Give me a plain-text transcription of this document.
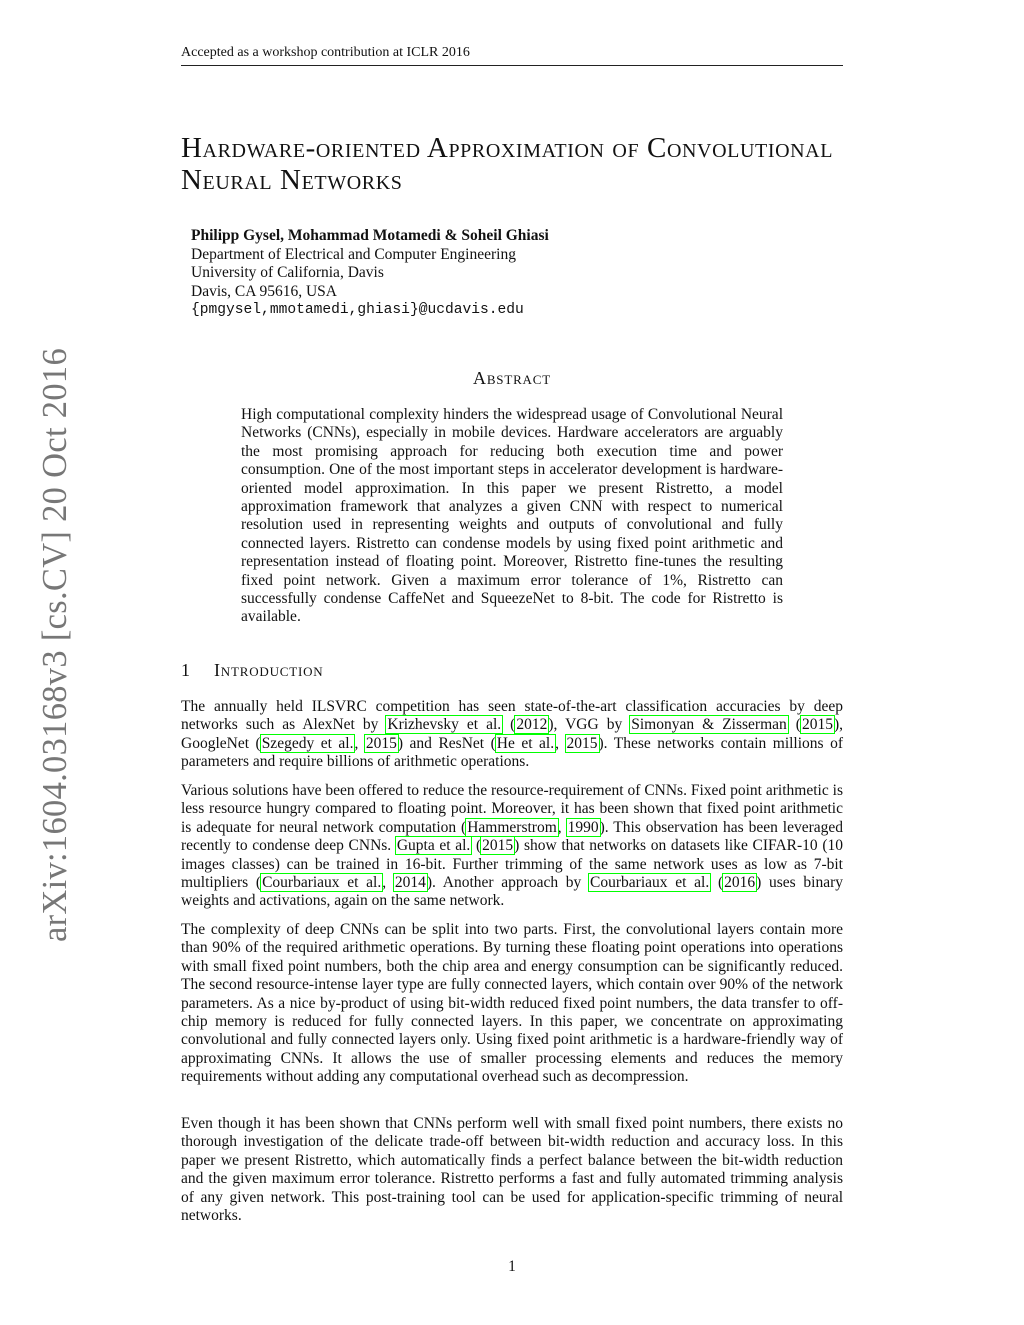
Accepted as a workshop contribution at ICLR 2016
arXiv:1604.03168v3 [cs.CV] 20 Oct 2016
Hardware-oriented Approximation of Convolutional Neural Networks
Philipp Gysel, Mohammad Motamedi & Soheil Ghiasi
Department of Electrical and Computer Engineering
University of California, Davis
Davis, CA 95616, USA
{pmgysel,mmotamedi,ghiasi}@ucdavis.edu
Abstract
High computational complexity hinders the widespread usage of Convolutional Neural Networks (CNNs), especially in mobile devices. Hardware accelerators are arguably the most promising approach for reducing both execution time and power consumption. One of the most important steps in accelerator development is hardware-oriented model approximation. In this paper we present Ristretto, a model approximation framework that analyzes a given CNN with respect to numerical resolution used in representing weights and outputs of convolutional and fully connected layers. Ristretto can condense models by using fixed point arithmetic and representation instead of floating point. Moreover, Ristretto fine-tunes the resulting fixed point network. Given a maximum error tolerance of 1%, Ristretto can successfully condense CaffeNet and SqueezeNet to 8-bit. The code for Ristretto is available.
1 Introduction

The annually held ILSVRC competition has seen state-of-the-art classification accuracies by deep networks such as AlexNet by Krizhevsky et al. (2012), VGG by Simonyan & Zisserman (2015), GoogleNet (Szegedy et al., 2015) and ResNet (He et al., 2015). These networks contain millions of parameters and require billions of arithmetic operations.

Various solutions have been offered to reduce the resource-requirement of CNNs. Fixed point arithmetic is less resource hungry compared to floating point. Moreover, it has been shown that fixed point arithmetic is adequate for neural network computation (Hammerstrom, 1990). This observation has been leveraged recently to condense deep CNNs. Gupta et al. (2015) show that networks on datasets like CIFAR-10 (10 images classes) can be trained in 16-bit. Further trimming of the same network uses as low as 7-bit multipliers (Courbariaux et al., 2014). Another approach by Courbariaux et al. (2016) uses binary weights and activations, again on the same network.

The complexity of deep CNNs can be split into two parts. First, the convolutional layers contain more than 90% of the required arithmetic operations. By turning these floating point operations into operations with small fixed point numbers, both the chip area and energy consumption can be significantly reduced. The second resource-intense layer type are fully connected layers, which contain over 90% of the network parameters. As a nice by-product of using bit-width reduced fixed point numbers, the data transfer to off-chip memory is reduced for fully connected layers. In this paper, we concentrate on approximating convolutional and fully connected layers only. Using fixed point arithmetic is a hardware-friendly way of approximating CNNs. It allows the use of smaller processing elements and reduces the memory requirements without adding any computational overhead such as decompression.

Even though it has been shown that CNNs perform well with small fixed point numbers, there exists no thorough investigation of the delicate trade-off between bit-width reduction and accuracy loss. In this paper we present Ristretto, which automatically finds a perfect balance between the bit-width reduction and the given maximum error tolerance. Ristretto performs a fast and fully automated trimming analysis of any given network. This post-training tool can be used for application-specific trimming of neural networks.

1
